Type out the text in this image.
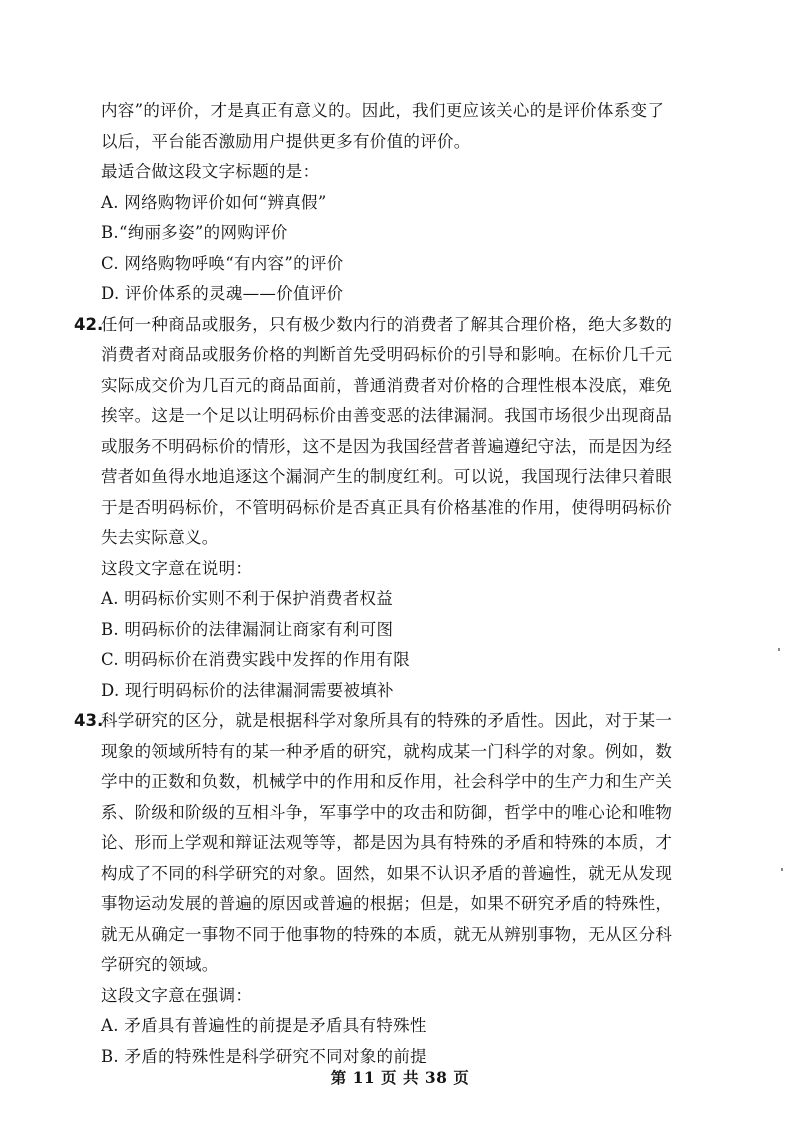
内容”的评价，才是真正有意义的。因此，我们更应该关心的是评价体系变了
以后，平台能否激励用户提供更多有价值的评价。
最适合做这段文字标题的是：
A. 网络购物评价如何“辨真假”
B.“绚丽多姿”的网购评价
C. 网络购物呼唤“有内容”的评价
D. 评价体系的灵魂——价值评价
42.
任何一种商品或服务，只有极少数内行的消费者了解其合理价格，绝大多数的
消费者对商品或服务价格的判断首先受明码标价的引导和影响。在标价几千元
实际成交价为几百元的商品面前，普通消费者对价格的合理性根本没底，难免
挨宰。这是一个足以让明码标价由善变恶的法律漏洞。我国市场很少出现商品
或服务不明码标价的情形，这不是因为我国经营者普遍遵纪守法，而是因为经
营者如鱼得水地追逐这个漏洞产生的制度红利。可以说，我国现行法律只着眼
于是否明码标价，不管明码标价是否真正具有价格基准的作用，使得明码标价
失去实际意义。
这段文字意在说明：
A. 明码标价实则不利于保护消费者权益
B. 明码标价的法律漏洞让商家有利可图
C. 明码标价在消费实践中发挥的作用有限
D. 现行明码标价的法律漏洞需要被填补
43.
科学研究的区分，就是根据科学对象所具有的特殊的矛盾性。因此，对于某一
现象的领域所特有的某一种矛盾的研究，就构成某一门科学的对象。例如，数
学中的正数和负数，机械学中的作用和反作用，社会科学中的生产力和生产关
系、阶级和阶级的互相斗争，军事学中的攻击和防御，哲学中的唯心论和唯物
论、形而上学观和辩证法观等等，都是因为具有特殊的矛盾和特殊的本质，才
构成了不同的科学研究的对象。固然，如果不认识矛盾的普遍性，就无从发现
事物运动发展的普遍的原因或普遍的根据；但是，如果不研究矛盾的特殊性，
就无从确定一事物不同于他事物的特殊的本质，就无从辨别事物，无从区分科
学研究的领域。
这段文字意在强调：
A. 矛盾具有普遍性的前提是矛盾具有特殊性
B. 矛盾的特殊性是科学研究不同对象的前提
第 11 页 共 38 页
